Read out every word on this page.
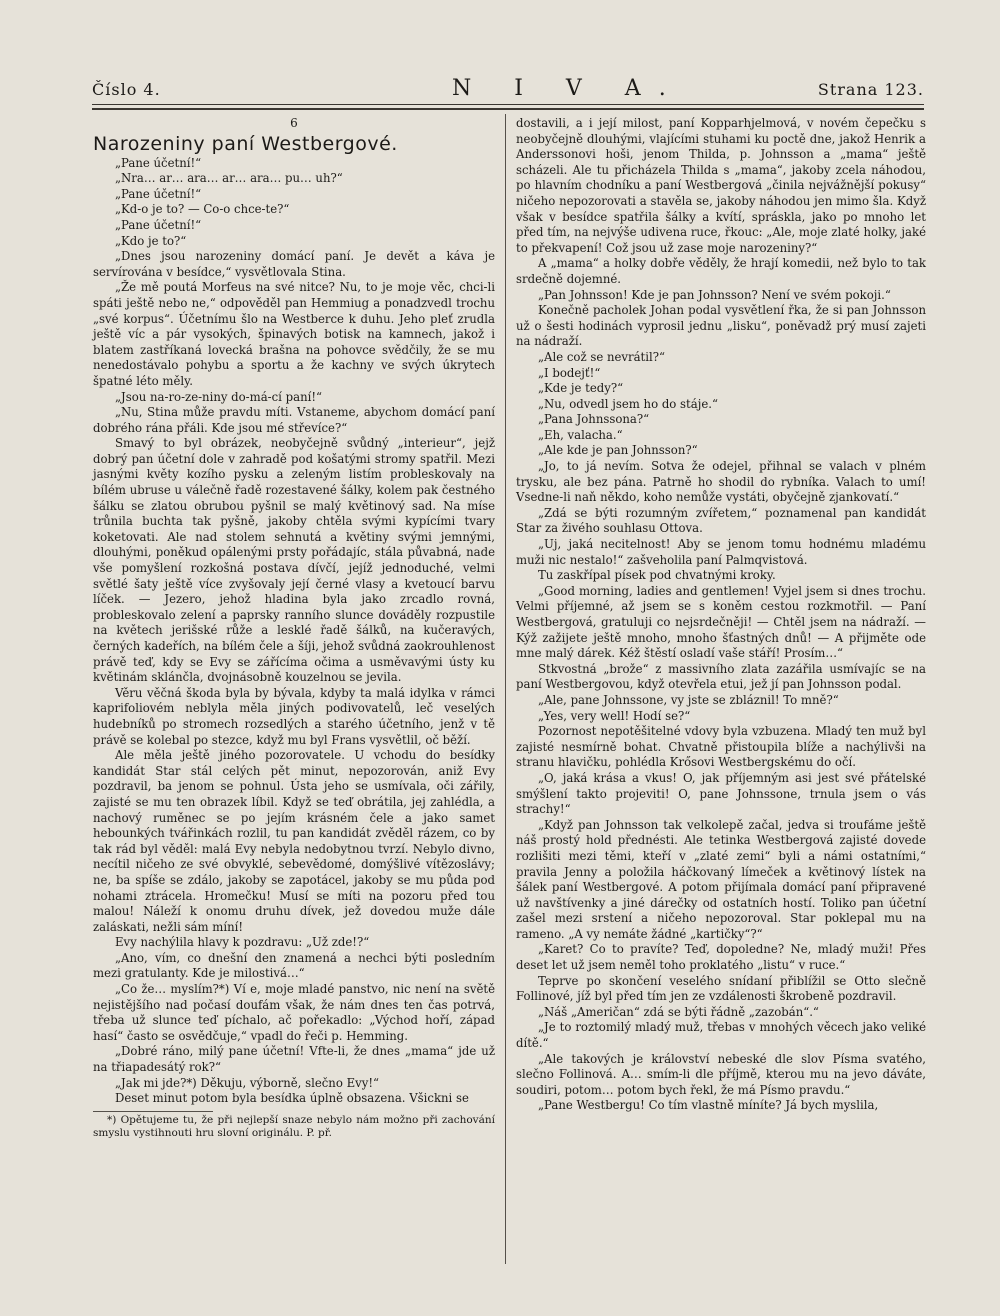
Číslo 4.	N I V A.	Strana 123.

6

Narozeniny paní Westbergové.

„Pane účetní!“

„Nra… ar… ara… ar… ara… pu… uh?“

„Pane účetní!“

„Kd-o je to? — Co-o chce-te?“

„Pane účetní!“

„Kdo je to?“

„Dnes jsou narozeniny domácí paní. Je devět a káva je servírována v besídce,“ vysvětlovala Stina.

„Že mě poutá Morfeus na své nitce? Nu, to je moje věc, chci-li spáti ještě nebo ne,“ odpověděl pan Hemmiug a ponadzvedl trochu „své korpus“. Účetnímu šlo na Westberce k duhu. Jeho pleť zrudla ještě víc a pár vysokých, špinavých botisk na kamnech, jakož i blatem zastříkaná lovecká brašna na pohovce svědčily, že se mu nenedostávalo pohybu a sportu a že kachny ve svých úkrytech špatné léto měly.

„Jsou na-ro-ze-niny do-má-cí paní!“

„Nu, Stina může pravdu míti. Vstaneme, abychom domácí paní dobrého rána přáli. Kde jsou mé střevíce?“

Smavý to byl obrázek, neobyčejně svůdný „interieur“, jejž dobrý pan účetní dole v zahradě pod košatými stromy spatřil. Mezi jasnými květy kozího pysku a zeleným listím probleskovaly na bílém ubruse u válečně řadě rozestavené šálky, kolem pak čestného šálku se zlatou obrubou pyšnil se malý květinový sad. Na míse trůnila buchta tak pyšně, jakoby chtěla svými kypícími tvary koketovati. Ale nad stolem sehnutá a květiny svými jemnými, dlouhými, poněkud opálenými prsty pořádajíc, stála půvabná, nade vše pomyšlení rozkošná postava dívčí, jejíž jednoduché, velmi světlé šaty ještě více zvyšovaly její černé vlasy a kvetoucí barvu líček. — Jezero, jehož hladina byla jako zrcadlo rovná, probleskovalo zelení a paprsky ranního slunce dováděly rozpustile na květech jerišské růže a lesklé řadě šálků, na kučeravých, černých kadeřích, na bílém čele a šíji, jehož svůdná zaokrouhlenost právě teď, kdy se Evy se zářícíma očima a usměvavými ústy ku květinám sklánčla, dvojnásobně kouzelnou se jevila.

Věru věčná škoda byla by bývala, kdyby ta malá idylka v rámci kaprifoliovém neblyla měla jiných podivovatelů, leč veselých hudebníků po stromech rozsedlých a starého účetního, jenž v tě právě se kolebal po stezce, když mu byl Frans vysvětlil, oč běží.

Ale měla ještě jiného pozorovatele. U vchodu do besídky kandidát Star stál celých pět minut, nepozorován, aniž Evy pozdravil, ba jenom se pohnul. Ústa jeho se usmívala, oči zářily, zajisté se mu ten obrazek líbil. Když se teď obrátila, jej zahlédla, a nachový ruměnec se po jejím krásném čele a jako samet hebounkých tvářinkách rozlil, tu pan kandidát zvěděl rázem, co by tak rád byl věděl: malá Evy nebyla nedobytnou tvrzí. Nebylo divno, necítil ničeho ze své obvyklé, sebevědomé, domýšlivé vítězoslávy; ne, ba spíše se zdálo, jakoby se zapotácel, jakoby se mu půda pod nohami ztrácela. Hromečku! Musí se míti na pozoru před tou malou! Náleží k onomu druhu dívek, jež dovedou muže dále zaláskati, nežli sám míní!

Evy nachýlila hlavy k pozdravu: „Už zde!?“

„Ano, vím, co dnešní den znamená a nechci býti posledním mezi gratulanty. Kde je milostivá…“

„Co že… myslím?*) Ví e, moje mladé panstvo, nic není na světě nejistějšího nad počasí doufám však, že nám dnes ten čas potrvá, třeba už slunce teď píchalo, ač pořekadlo: „Východ hoří, západ hasí“ často se osvědčuje,“ vpadl do řeči p. Hemming.

„Dobré ráno, milý pane účetní! Vfte-li, že dnes „mama“ jde už na třiapadesátý rok?“

„Jak mi jde?*) Děkuju, výborně, slečno Evy!“

Deset minut potom byla besídka úplně obsazena. Všickni se

*) Opětujeme tu, že při nejlepší snaze nebylo nám možno při zachování smyslu vystihnouti hru slovní originálu. P. př.

dostavili, a i její milost, paní Kopparhjelmová, v novém čepečku s neobyčejně dlouhými, vlajícími stuhami ku poctě dne, jakož Henrik a Anderssonovi hoši, jenom Thilda, p. Johnsson a „mama“ ještě scházeli. Ale tu přicházela Thilda s „mama“, jakoby zcela náhodou, po hlavním chodníku a paní Westbergová „činila nejvážnější pokusy“ ničeho nepozorovati a stavěla se, jakoby náhodou jen mimo šla. Když však v besídce spatřila šálky a kvítí, spráskla, jako po mnoho let před tím, na nejvýše udivena ruce, řkouc: „Ale, moje zlaté holky, jaké to překvapení! Což jsou už zase moje narozeniny?“

A „mama“ a holky dobře věděly, že hrají komedii, než bylo to tak srdečně dojemné.

„Pan Johnsson! Kde je pan Johnsson? Není ve svém pokoji.“

Konečně pacholek Johan podal vysvětlení řka, že si pan Johnsson už o šesti hodinách vyprosil jednu „lisku“, poněvadž prý musí zajeti na nádraží.

„Ale což se nevrátil?“

„I bodejť!“

„Kde je tedy?“

„Nu, odvedl jsem ho do stáje.“

„Pana Johnssona?“

„Eh, valacha.“

„Ale kde je pan Johnsson?“

„Jo, to já nevím. Sotva že odejel, přihnal se valach v plném trysku, ale bez pána. Patrně ho shodil do rybníka. Valach to umí! Vsedne-li naň někdo, koho nemůže vystáti, obyčejně zjankovatí.“

„Zdá se býti rozumným zvířetem,“ poznamenal pan kandidát Star za živého souhlasu Ottova.

„Uj, jaká necitelnost! Aby se jenom tomu hodnému mladému muži nic nestalo!“ zašveholila paní Palmqvistová.

Tu zaskřípal písek pod chvatnými kroky.

„Good morning, ladies and gentlemen! Vyjel jsem si dnes trochu. Velmi příjemné, až jsem se s koněm cestou rozkmotřil. — Paní Westbergová, gratuluji co nejsrdečněji! — Chtěl jsem na nádraží. — Kýž zažijete ještě mnoho, mnoho šťastných dnů! — A přijměte ode mne malý dárek. Kéž štěstí osladí vaše stáří! Prosím…“

Stkvostná „brože“ z massivního zlata zazářila usmívajíc se na paní Westbergovou, když otevřela etui, jež jí pan Johnsson podal.

„Ale, pane Johnssone, vy jste se zbláznil! To mně?“

„Yes, very well! Hodí se?“

Pozornost nepotěšitelné vdovy byla vzbuzena. Mladý ten muž byl zajisté nesmírně bohat. Chvatně přistoupila blíže a nachýlivši na stranu hlavičku, pohlédla Krősovi Westbergskému do očí.

„O, jaká krása a vkus! O, jak příjemným asi jest své přátelské smýšlení takto projeviti! O, pane Johnssone, trnula jsem o vás strachy!“

„Když pan Johnsson tak velkolepě začal, jedva si troufáme ještě náš prostý hold přednésti. Ale tetinka Westbergová zajisté dovede rozlišiti mezi těmi, kteří v „zlaté zemi“ byli a námi ostatními,“ pravila Jenny a položila háčkovaný límeček a květinový lístek na šálek paní Westbergové. A potom přijímala domácí paní připravené už navštívenky a jiné dárečky od ostatních hostí. Toliko pan účetní zašel mezi srstení a ničeho nepozoroval. Star poklepal mu na rameno. „A vy nemáte žádné „kartičky“?“

„Karet? Co to pravíte? Teď, dopoledne? Ne, mladý muži! Přes deset let už jsem neměl toho proklatého „listu“ v ruce.“

Teprve po skončení veselého snídaní přiblížil se Otto slečně Follinové, jíž byl před tím jen ze vzdálenosti škrobeně pozdravil.

„Náš „Američan“ zdá se býti řádně „zazobán“.“

„Je to roztomilý mladý muž, třebas v mnohých věcech jako veliké dítě.“

„Ale takových je království nebeské dle slov Písma svatého, slečno Follinová. A… smím-li dle příjmě, kterou mu na jevo dáváte, soudiri, potom… potom bych řekl, že má Písmo pravdu.“

„Pane Westbergu! Co tím vlastně míníte? Já bych myslila,
